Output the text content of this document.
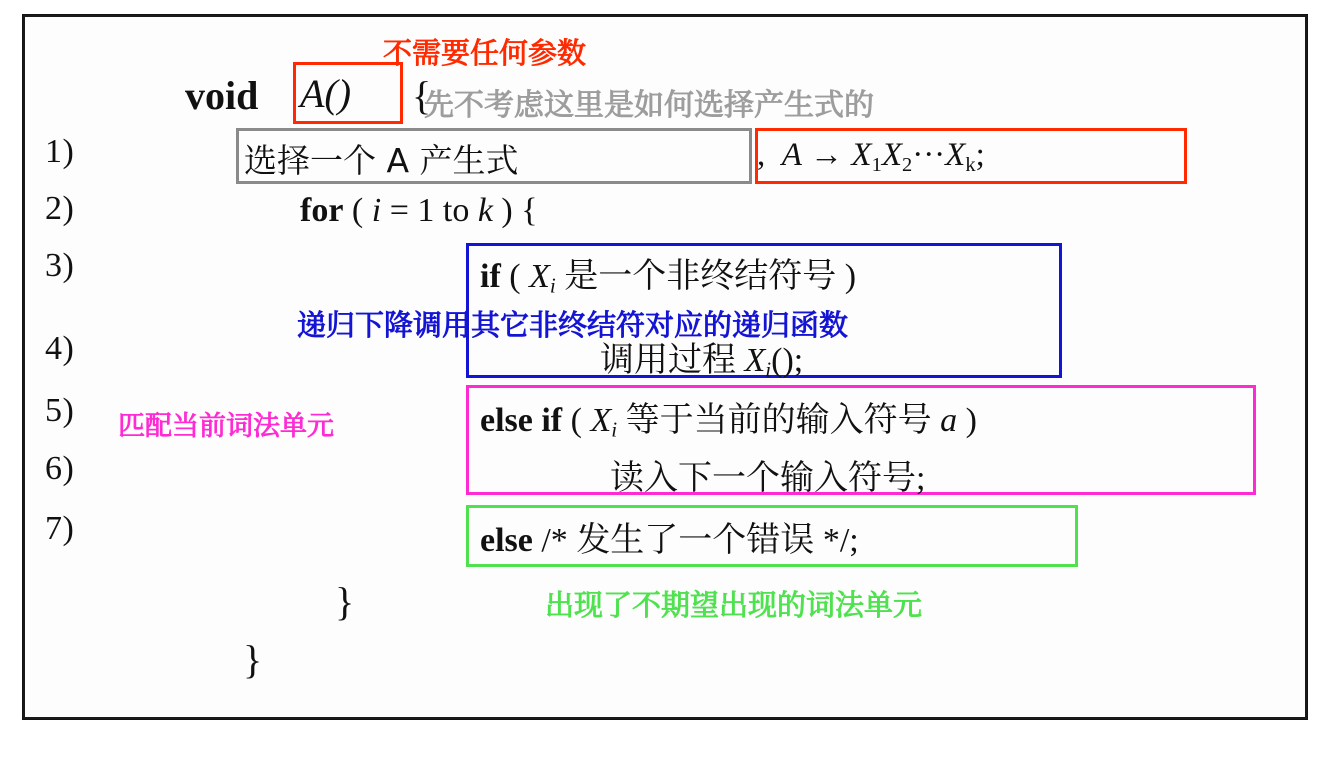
1)
2)
3)
4)
5)
6)
7)
void A() {
不需要任何参数
先不考虑这里是如何选择产生式的
选择一个 A 产生式	,  $A \to X_1X_2\cdot\cdot\cdot X_k$;
for ( i = 1 to k ) {
if ( Xi 是一个非终结符号 )
调用过程 Xi();
递归下降调用其它非终结符对应的递归函数
else if ( Xi 等于当前的输入符号 a )
读入下一个输入符号;
匹配当前词法单元
else /* 发生了一个错误 */;
出现了不期望出现的词法单元
}
}
